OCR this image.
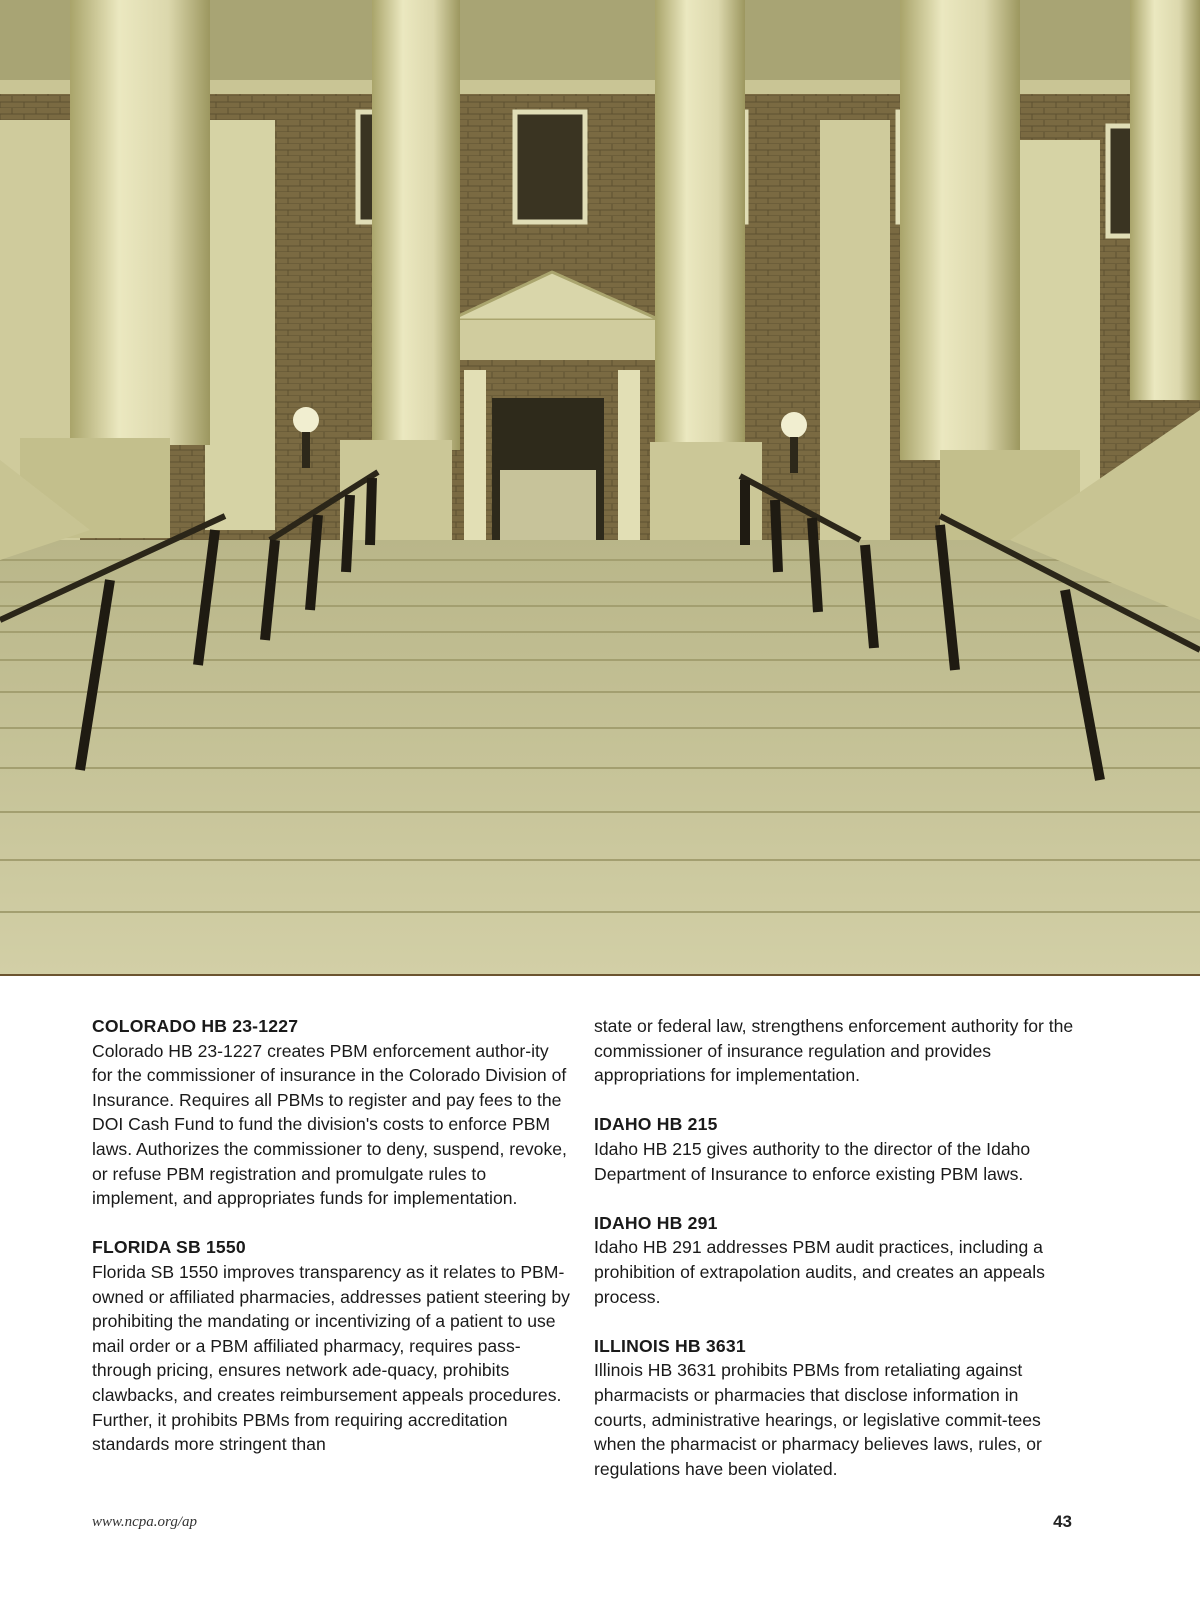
COLORADO HB 23-1227

Colorado HB 23-1227 creates PBM enforcement author-ity for the commissioner of insurance in the Colorado Division of Insurance. Requires all PBMs to register and pay fees to the DOI Cash Fund to fund the division's costs to enforce PBM laws. Authorizes the commissioner to deny, suspend, revoke, or refuse PBM registration and promulgate rules to implement, and appropriates funds for implementation.

FLORIDA SB 1550

Florida SB 1550 improves transparency as it relates to PBM-owned or affiliated pharmacies, addresses patient steering by prohibiting the mandating or incentivizing of a patient to use mail order or a PBM affiliated pharmacy, requires pass-through pricing, ensures network ade-quacy, prohibits clawbacks, and creates reimbursement appeals procedures. Further, it prohibits PBMs from requiring accreditation standards more stringent than

state or federal law, strengthens enforcement authority for the commissioner of insurance regulation and provides appropriations for implementation.

IDAHO HB 215

Idaho HB 215 gives authority to the director of the Idaho Department of Insurance to enforce existing PBM laws.

IDAHO HB 291

Idaho HB 291 addresses PBM audit practices, including a prohibition of extrapolation audits, and creates an appeals process.

ILLINOIS HB 3631

Illinois HB 3631 prohibits PBMs from retaliating against pharmacists or pharmacies that disclose information in courts, administrative hearings, or legislative commit-tees when the pharmacist or pharmacy believes laws, rules, or regulations have been violated.

www.ncpa.org/ap	43
